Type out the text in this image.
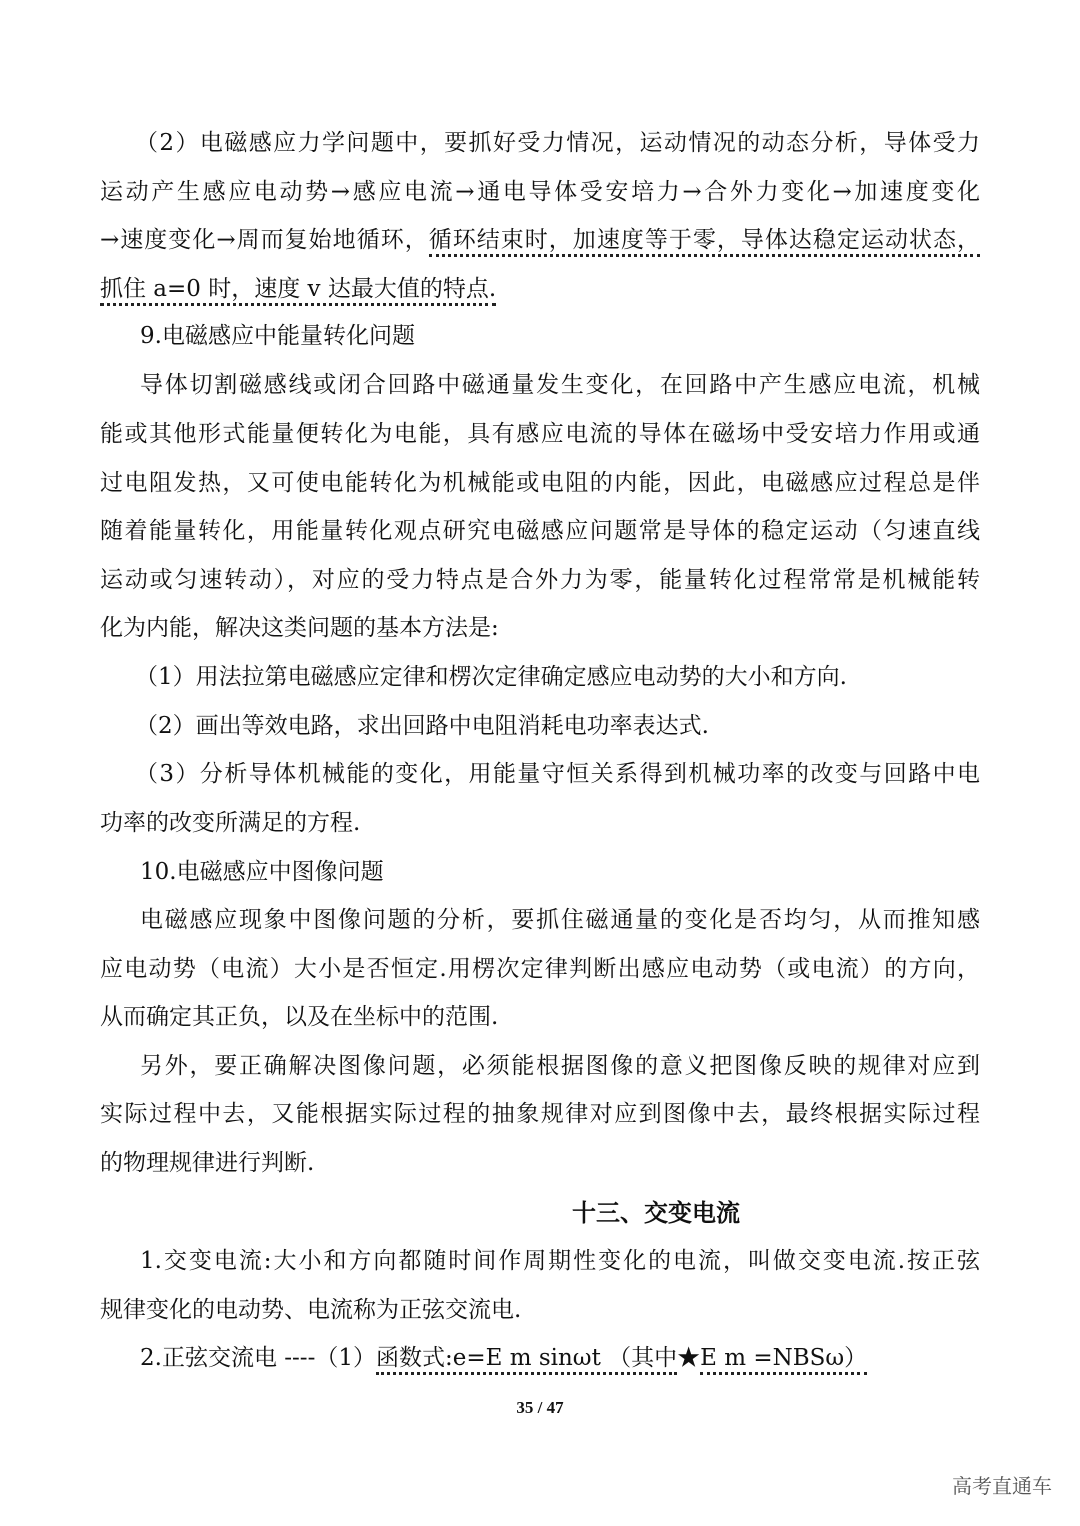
（2）电磁感应力学问题中，要抓好受力情况，运动情况的动态分析，导体受力
运动产生感应电动势→感应电流→通电导体受安培力→合外力变化→加速度变化
→速度变化→周而复始地循环，循环结束时，加速度等于零，导体达稳定运动状态，
抓住 a=0 时，速度 v 达最大值的特点.
9.电磁感应中能量转化问题
导体切割磁感线或闭合回路中磁通量发生变化，在回路中产生感应电流，机械
能或其他形式能量便转化为电能，具有感应电流的导体在磁场中受安培力作用或通
过电阻发热，又可使电能转化为机械能或电阻的内能，因此，电磁感应过程总是伴
随着能量转化，用能量转化观点研究电磁感应问题常是导体的稳定运动（匀速直线
运动或匀速转动），对应的受力特点是合外力为零，能量转化过程常常是机械能转
化为内能，解决这类问题的基本方法是:
（1）用法拉第电磁感应定律和楞次定律确定感应电动势的大小和方向.
（2）画出等效电路，求出回路中电阻消耗电功率表达式.
（3）分析导体机械能的变化，用能量守恒关系得到机械功率的改变与回路中电
功率的改变所满足的方程.
10.电磁感应中图像问题
电磁感应现象中图像问题的分析，要抓住磁通量的变化是否均匀，从而推知感
应电动势（电流）大小是否恒定.用楞次定律判断出感应电动势（或电流）的方向，
从而确定其正负，以及在坐标中的范围.
另外，要正确解决图像问题，必须能根据图像的意义把图像反映的规律对应到
实际过程中去，又能根据实际过程的抽象规律对应到图像中去，最终根据实际过程
的物理规律进行判断.
十三、交变电流
1.交变电流:大小和方向都随时间作周期性变化的电流，叫做交变电流.按正弦
规律变化的电动势、电流称为正弦交流电.
2.正弦交流电 ----（1）函数式:e=E m sinωt （其中★E m =NBSω）
35 / 47
高考直通车
